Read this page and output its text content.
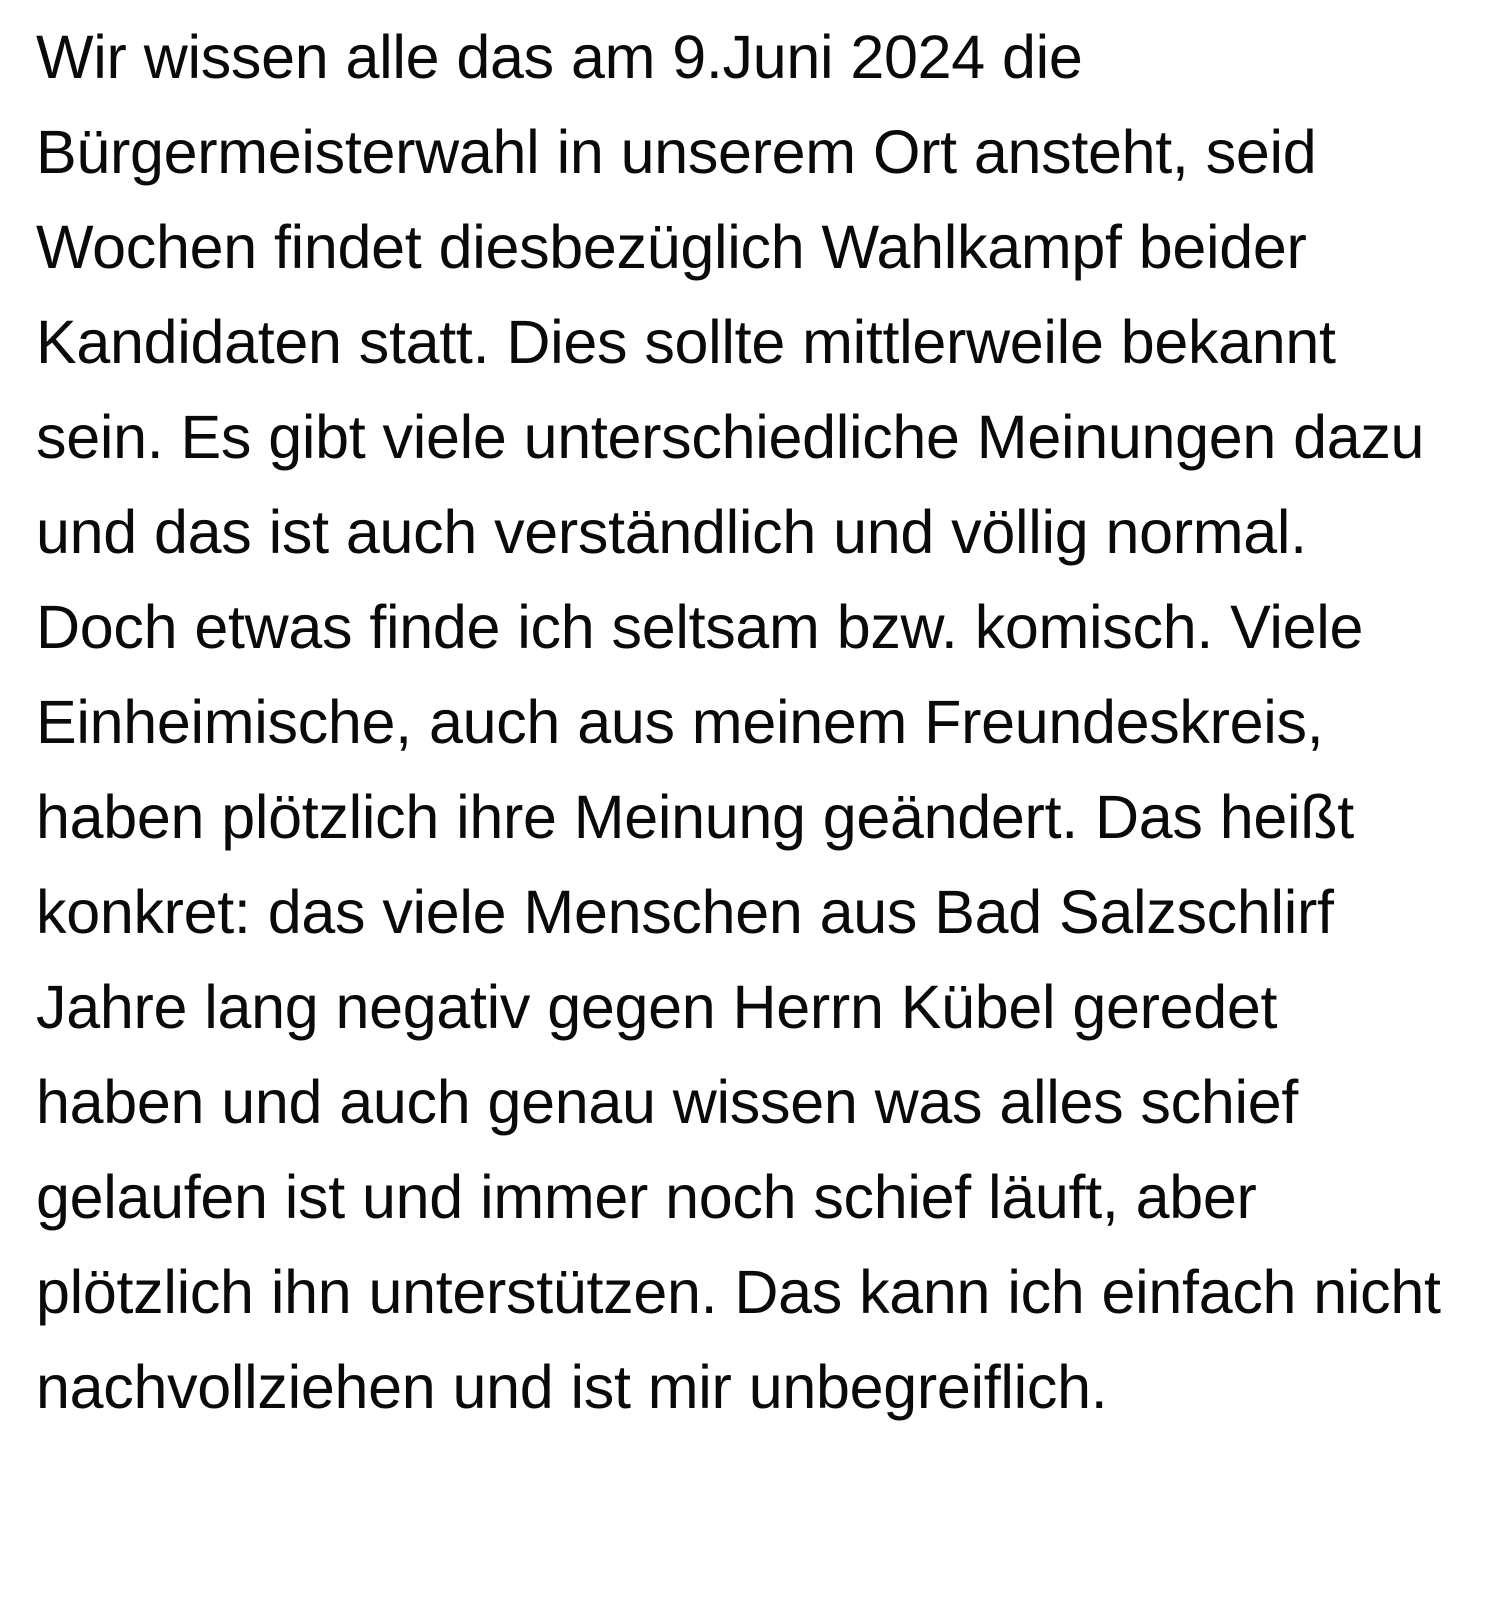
Wir wissen alle das am 9.Juni 2024 die Bürgermeisterwahl in unserem Ort ansteht, seid Wochen findet diesbezüglich Wahlkampf beider Kandidaten statt. Dies sollte mittlerweile bekannt sein. Es gibt viele unterschiedliche Meinungen dazu und das ist auch verständlich und völlig normal. Doch etwas finde ich seltsam bzw. komisch. Viele Einheimische, auch aus meinem Freundeskreis, haben plötzlich ihre Meinung geändert. Das heißt konkret: das viele Menschen aus Bad Salzschlirf Jahre lang negativ gegen Herrn Kübel geredet haben und auch genau wissen was alles schief gelaufen ist und immer noch schief läuft, aber plötzlich ihn unterstützen. Das kann ich einfach nicht nachvollziehen und ist mir unbegreiflich.
